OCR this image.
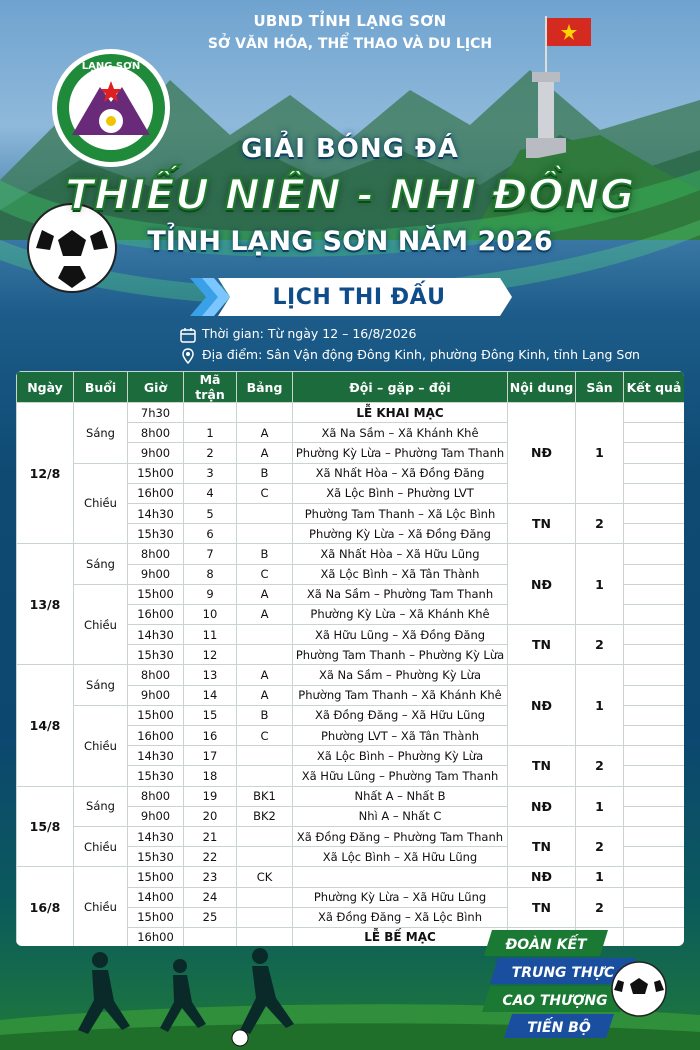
UBND TỈNH LẠNG SƠN
SỞ VĂN HÓA, THỂ THAO VÀ DU LỊCH
LẠNG SƠN
GIẢI BÓNG ĐÁ
THIẾU NIÊN - NHI ĐỒNG
TỈNH LẠNG SƠN NĂM 2026
LỊCH THI ĐẤU
Thời gian: Từ ngày 12 – 16/8/2026
Địa điểm: Sân Vận động Đông Kinh, phường Đông Kinh, tỉnh Lạng Sơn
Ngày	Buổi	Giờ	Mã trận	Bảng	Đội – gặp – đội	Nội dung	Sân	Kết quả
12/8	Sáng	7h30			LỄ KHAI MẠC	NĐ	1	
		8h00	1	A	Xã Na Sầm – Xã Khánh Khê			
		9h00	2	A	Phường Kỳ Lừa – Phường Tam Thanh			
	Chiều	15h00	3	B	Xã Nhất Hòa – Xã Đồng Đăng			
		16h00	4	C	Xã Lộc Bình – Phường LVT			
		14h30	5		Phường Tam Thanh – Xã Lộc Bình	TN	2	
		15h30	6		Phường Kỳ Lừa – Xã Đồng Đăng			
13/8	Sáng	8h00	7	B	Xã Nhất Hòa – Xã Hữu Lũng	NĐ	1	
		9h00	8	C	Xã Lộc Bình – Xã Tân Thành			
	Chiều	15h00	9	A	Xã Na Sầm – Phường Tam Thanh			
		16h00	10	A	Phường Kỳ Lừa – Xã Khánh Khê			
		14h30	11		Xã Hữu Lũng – Xã Đồng Đăng	TN	2	
		15h30	12		Phường Tam Thanh – Phường Kỳ Lừa			
14/8	Sáng	8h00	13	A	Xã Na Sầm – Phường Kỳ Lừa	NĐ	1	
		9h00	14	A	Phường Tam Thanh – Xã Khánh Khê			
	Chiều	15h00	15	B	Xã Đồng Đăng – Xã Hữu Lũng			
		16h00	16	C	Phường LVT – Xã Tân Thành			
		14h30	17		Xã Lộc Bình – Phường Kỳ Lừa	TN	2	
		15h30	18		Xã Hữu Lũng – Phường Tam Thanh			
15/8	Sáng	8h00	19	BK1	Nhất A – Nhất B	NĐ	1	
		9h00	20	BK2	Nhì A – Nhất C			
	Chiều	14h30	21		Xã Đồng Đăng – Phường Tam Thanh	TN	2	
		15h30	22		Xã Lộc Bình – Xã Hữu Lũng			
16/8	Chiều	15h00	23	CK		NĐ	1	
		14h00	24		Phường Kỳ Lừa – Xã Hữu Lũng	TN	2	
		15h00	25		Xã Đồng Đăng – Xã Lộc Bình			
		16h00			LỄ BẾ MẠC				ĐOÀN KẾT
TRUNG THỰC
CAO THƯỢNG
TIẾN BỘ
